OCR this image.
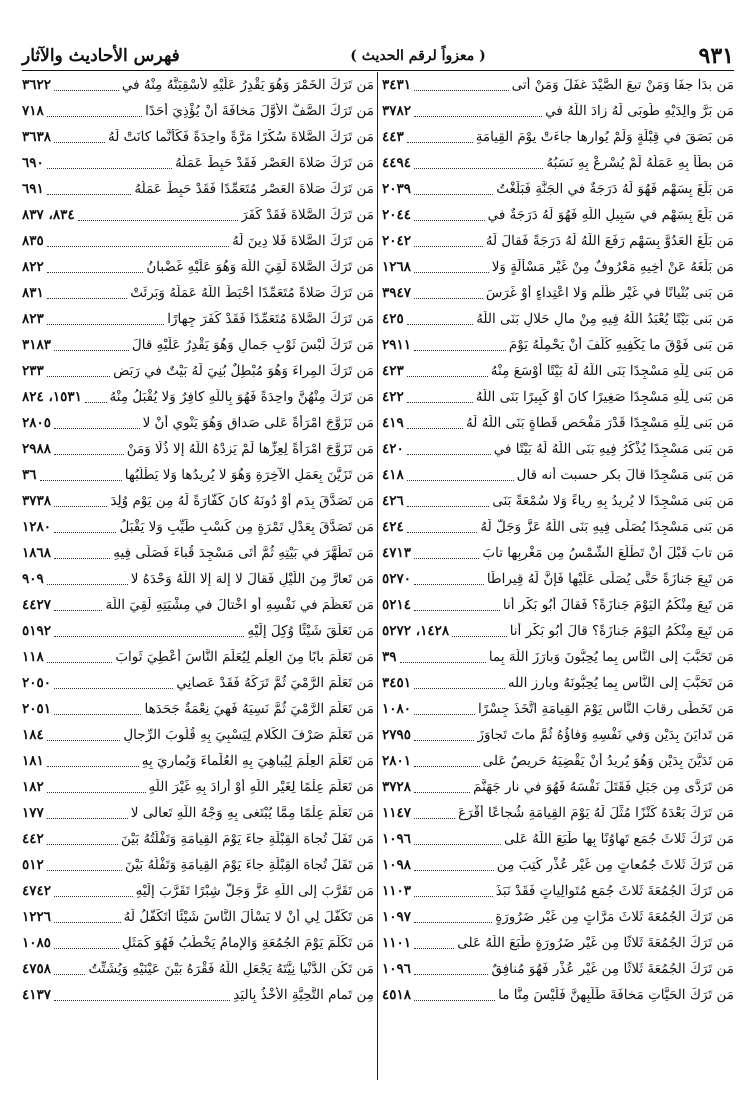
٩٣١
( معزواً لرقم الحديث )
فهرس الأحاديث والآثار
مَن بدَا جفَا وَمَنْ تبعَ الصَّيْدَ غفَلَ وَمَنْ أتى
٣٤٣١
مَن بَرَّ والِدَيْهِ طُوبَى لَهُ زادَ اللَّهُ في
٣٧٨٢
مَن بَصَقَ في قِبْلَةٍ وَلَمْ يُوارِها جاءَتْ يوْمَ القِيامَةِ
٤٤٣
مَن بطَّأ بِهِ عَمَلُهُ لَمْ يُسْرِعْ بِهِ نَسَبُهُ
٤٤٩٤
مَن بَلَغَ بِسَهْمٍ فَهُوَ لَهُ دَرَجَةٌ في الجَنَّةِ فَبَلَغْتُ
٢٠٣٩
مَن بَلَغَ بِسَهْمٍ في سَبِيلِ اللَّهِ فَهُوَ لَهُ دَرَجَةٌ في
٢٠٤٤
مَن بَلَغَ العَدُوَّ بِسَهْمٍ رَفَعَ اللَّهُ لَهُ دَرَجَةً فَقالَ لَهُ
٢٠٤٢
مَن بَلَغَهُ عَنْ أخِيهِ مَعْرُوفٌ مِنْ غَيْرِ مَسْألَةٍ وَلا
١٢٦٨
مَن بَنى بُنْيانًا في غَيْرِ ظُلْمٍ وَلا اعْتِداءٍ أوْ غَرَسَ
٣٩٤٧
مَن بَنى بَيْتًا يُعْبَدُ اللَّهُ فِيهِ مِنْ مالٍ حَلالٍ بَنَى اللَّهُ
٤٢٥
مَن بَنى فَوْقَ ما يَكْفِيهِ كُلِّفَ أنْ يَحْمِلَهُ يَوْمَ
٢٩١١
مَن بَنى لِلَّهِ مَسْجِدًا بَنَى اللَّهُ لَهُ بَيْتًا أوْسَعَ مِنْهُ
٤٢٣
مَن بَنى لِلَّهِ مَسْجِدًا صَغِيرًا كانَ أوْ كَبِيرًا بَنَى اللَّهُ
٤٢٢
مَن بَنى لِلَّهِ مَسْجِدًا قَدْرَ مَفْحَصِ قَطاةٍ بَنَى اللَّهُ لَهُ
٤١٩
مَن بَنى مَسْجِدًا يُذْكَرُ فِيهِ بَنَى اللَّهُ لَهُ بَيْتًا في
٤٢٠
مَن بَنى مَسْجِدًا قالَ بكر حسبت أنه قال
٤١٨
مَن بَنى مَسْجِدًا لا يُرِيدُ بِهِ رِياءً وَلا سُمْعَةً بَنَى
٤٢٦
مَن بَنى مَسْجِدًا يُصَلَّى فِيهِ بَنَى اللَّهُ عَزَّ وَجَلَّ لَهُ
٤٢٤
مَن تابَ قَبْلَ أنْ تَطْلُعَ الشَّمْسُ مِن مَغْرِبِها تابَ
٤٧١٣
مَن تَبِعَ جَنازَةً حَتَّى يُصَلَّى عَلَيْها فَإنَّ لَهُ قِيراطًا
٥٢٧٠
مَن تَبِعَ مِنْكُمُ اليَوْمَ جَنازَةً؟ فَقالَ أبُو بَكْرٍ أنا
٥٢١٤
مَن تَبِعَ مِنْكُمُ اليَوْمَ جَنازَةً؟ قالَ أبُو بَكْرٍ أنا
١٤٢٨، ٥٢٧٢
مَن تَحَبَّبَ إلى النَّاسِ بِما يُحِبُّونَ وَبارَزَ اللَّهَ بِما
٣٩
مَن تَحَبَّبَ إلى النَّاسِ بِما يُحِبُّونَهُ وبارز الله
٣٤٥١
مَن تَخَطَّى رِقابَ النَّاسِ يَوْمَ القِيامَةِ اتَّخَذَ جِسْرًا
١٠٨٠
مَن تَدايَنَ بِدَيْنٍ وَفي نَفْسِهِ وَفاؤُهُ ثُمَّ ماتَ تَجاوَزَ
٢٧٩٥
مَن تَدَيَّنَ بِدَيْنٍ وَهُوَ يُرِيدُ أنْ يَقْضِيَهُ حَرِيصٌ عَلى
٢٨٠١
مَن تَرَدَّى مِن جَبَلٍ فَقَتَلَ نَفْسَهُ فَهُوَ في نارِ جَهَنَّمَ
٣٧٢٨
مَن تَرَكَ بَعْدَهُ كَنْزًا مُثِّلَ لَهُ يَوْمَ القِيامَةِ شُجاعًا أقْرَعَ
١١٤٧
مَن تَرَكَ ثَلاثَ جُمَعٍ تَهاوُنًا بِها طَبَعَ اللَّهُ عَلى
١٠٩٦
مَن تَرَكَ ثَلاثَ جُمُعاتٍ مِن غَيْرِ عُذْرٍ كُتِبَ مِن
١٠٩٨
مَن تَرَكَ الجُمُعَةَ ثَلاثَ جُمَعٍ مُتَوالِياتٍ فَقَدْ نَبَذَ
١١٠٣
مَن تَرَكَ الجُمُعَةَ ثَلاثَ مَرَّاتٍ مِن غَيْرِ ضَرُورَةٍ
١٠٩٧
مَن تَرَكَ الجُمُعَةَ ثَلاثًا مِن غَيْرِ ضَرُورَةٍ طَبَعَ اللَّهُ عَلى
١١٠١
مَن تَرَكَ الجُمُعَةَ ثَلاثًا مِن غَيْرِ عُذْرٍ فَهُوَ مُنافِقٌ
١٠٩٦
مَن تَرَكَ الحَيَّاتِ مَخافَةَ طَلَبِهِنَّ فَلَيْسَ مِنَّا ما
٤٥١٨
مَن تَرَكَ الخَمْرَ وَهُوَ يَقْدِرُ عَلَيْهِ لأَسْقِيَنَّهُ مِنْهُ في
٣٦٢٢
مَن تَرَكَ الصَّفَّ الأوَّلَ مَخافَةَ أنْ يُؤْذِيَ أحَدًا
٧١٨
مَن تَرَكَ الصَّلاةَ سُكْرًا مَرَّةً واحِدَةً فَكَأنَّما كانَتْ لَهُ
٣٦٣٨
مَن تَرَكَ صَلاةَ العَصْرِ فَقَدْ حَبِطَ عَمَلُهُ
٦٩٠
مَن تَرَكَ صَلاةَ العَصْرِ مُتَعَمِّدًا فَقَدْ حَبِطَ عَمَلُهُ
٦٩١
مَن تَرَكَ الصَّلاةَ فَقَدْ كَفَرَ
٨٣٤، ٨٣٧
مَن تَرَكَ الصَّلاةَ فَلا دِينَ لَهُ
٨٣٥
مَن تَرَكَ الصَّلاةَ لَقِيَ اللَّهَ وَهُوَ عَلَيْهِ غَضْبانُ
٨٢٢
مَن تَرَكَ صَلاةً مُتَعَمِّدًا أحْبَطَ اللَّهُ عَمَلَهُ وَبَرِئَتْ
٨٣١
مَن تَرَكَ الصَّلاةَ مُتَعَمِّدًا فَقَدْ كَفَرَ جِهارًا
٨٢٣
مَن تَرَكَ لُبْسَ ثَوْبِ جَمالٍ وَهُوَ يَقْدِرُ عَلَيْهِ قالَ
٣١٨٣
مَن تَرَكَ المِراءَ وَهُوَ مُبْطِلٌ بُنِيَ لَهُ بَيْتٌ في رَبَضِ
٢٣٣
مَن تَرَكَ مِنْهُنَّ واحِدَةً فَهُوَ بِاللَّهِ كافِرٌ وَلا يُقْبَلُ مِنْهُ
١٥٣١، ٨٢٤
مَن تَزَوَّجَ امْرَأةً عَلى صَداقٍ وَهُوَ يَنْوِي أنْ لا
٢٨٠٥
مَن تَزَوَّجَ امْرَأةً لِعِزِّها لَمْ يَزِدْهُ اللَّهُ إلا ذُلًّا وَمَنْ
٢٩٨٨
مَن تَزَيَّنَ بِعَمَلِ الآخِرَةِ وَهُوَ لا يُرِيدُها وَلا يَطْلُبُها
٣٦
مَن تَصَدَّقَ بِدَمٍ أوْ دُونَهُ كانَ كَفَّارَةً لَهُ مِن يَوْمِ وُلِدَ
٣٧٣٨
مَن تَصَدَّقَ بِعَدْلِ تَمْرَةٍ مِن كَسْبٍ طَيِّبٍ وَلا يَقْبَلُ
١٢٨٠
مَن تَطَهَّرَ في بَيْتِهِ ثُمَّ أتَى مَسْجِدَ قُباءَ فَصَلَّى فِيهِ
١٨٦٨
مَن تَعارَّ مِنَ اللَّيْلِ فَقالَ لا إلهَ إلا اللَّهُ وَحْدَهُ لا
٩٠٩
مَن تَعَظَّمَ في نَفْسِهِ أوِ اخْتالَ في مِشْيَتِهِ لَقِيَ اللَّهَ
٤٤٢٧
مَن تَعَلَّقَ شَيْئًا وُكِلَ إلَيْهِ
٥١٩٢
مَن تَعَلَّمَ بابًا مِنَ العِلْمِ لِيُعَلِّمَ النَّاسَ أُعْطِيَ ثَوابَ
١١٨
مَن تَعَلَّمَ الرَّمْيَ ثُمَّ تَرَكَهُ فَقَدْ عَصانِي
٢٠٥٠
مَن تَعَلَّمَ الرَّمْيَ ثُمَّ نَسِيَهُ فَهِيَ نِعْمَةٌ جَحَدَها
٢٠٥١
مَن تَعَلَّمَ صَرْفَ الكَلامِ لِيَسْبِيَ بِهِ قُلُوبَ الرِّجالِ
١٨٤
مَن تَعَلَّمَ العِلْمَ لِيُباهِيَ بِهِ العُلَماءَ وَيُمارِيَ بِهِ
١٨١
مَن تَعَلَّمَ عِلْمًا لِغَيْرِ اللَّهِ أوْ أرادَ بِهِ غَيْرَ اللَّهِ
١٨٢
مَن تَعَلَّمَ عِلْمًا مِمَّا يُبْتَغى بِهِ وَجْهُ اللَّهِ تَعالى لا
١٧٧
مَن تَفَلَ تُجاهَ القِبْلَةِ جاءَ يَوْمَ القِيامَةِ وَتَفْلَتُهُ بَيْنَ
٤٤٢
مَن تَفَلَ تُجاهَ القِبْلَةِ جاءَ يَوْمَ القِيامَةِ وَتَفْلُهُ بَيْنَ
٥١٢
مَن تَقَرَّبَ إلى اللَّهِ عَزَّ وَجَلَّ شِبْرًا تَقَرَّبَ إلَيْهِ
٤٧٤٢
مَن تَكَفَّلَ لِي أنْ لا يَسْألَ النَّاسَ شَيْئًا أتَكَفَّلُ لَهُ
١٢٢٦
مَن تَكَلَّمَ يَوْمَ الجُمُعَةِ وَالإمامُ يَخْطُبُ فَهُوَ كَمَثَلِ
١٠٨٥
مَن تَكُنِ الدُّنْيا نِيَّتَهُ يَجْعَلِ اللَّهُ فَقْرَهُ بَيْنَ عَيْنَيْهِ وَيُشَتِّتُ
٤٧٥٨
مِن تَمامِ التَّحِيَّةِ الأخْذُ بِاليَدِ
٤١٣٧
